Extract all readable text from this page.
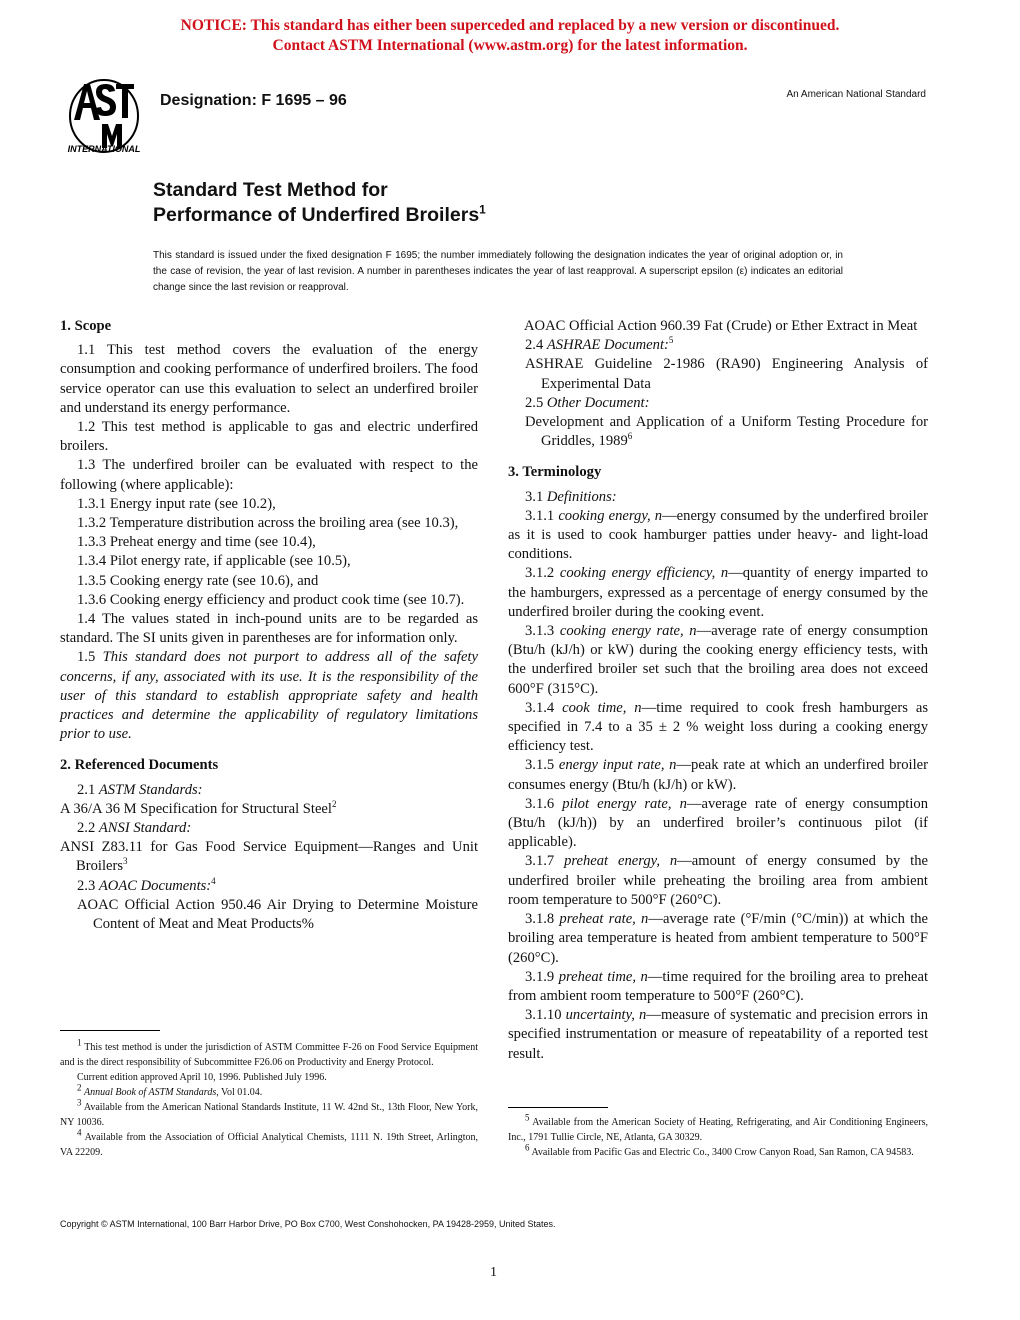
NOTICE: This standard has either been superceded and replaced by a new version or discontinued.
Contact ASTM International (www.astm.org) for the latest information.
INTERNATIONAL
Designation: F 1695 – 96	An American National Standard
Standard Test Method for
Performance of Underfired Broilers$^1$
This standard is issued under the fixed designation F 1695; the number immediately following the designation indicates the year of original adoption or, in the case of revision, the year of last revision. A number in parentheses indicates the year of last reapproval. A superscript epsilon (ε) indicates an editorial change since the last revision or reapproval.

1. Scope

1.1 This test method covers the evaluation of the energy consumption and cooking performance of underfired broilers. The food service operator can use this evaluation to select an underfired broiler and understand its energy performance.

1.2 This test method is applicable to gas and electric underfired broilers.

1.3 The underfired broiler can be evaluated with respect to the following (where applicable):

1.3.1 Energy input rate (see 10.2),

1.3.2 Temperature distribution across the broiling area (see 10.3),

1.3.3 Preheat energy and time (see 10.4),

1.3.4 Pilot energy rate, if applicable (see 10.5),

1.3.5 Cooking energy rate (see 10.6), and

1.3.6 Cooking energy efficiency and product cook time (see 10.7).

1.4 The values stated in inch-pound units are to be regarded as standard. The SI units given in parentheses are for information only.

1.5 This standard does not purport to address all of the safety concerns, if any, associated with its use. It is the responsibility of the user of this standard to establish appropriate safety and health practices and determine the applicability of regulatory limitations prior to use.

2. Referenced Documents

2.1 ASTM Standards:

A 36/A 36 M Specification for Structural Steel$^2$

2.2 ANSI Standard:

ANSI Z83.11 for Gas Food Service Equipment—Ranges and Unit Broilers$^3$

2.3 AOAC Documents:$^4$

AOAC Official Action 950.46 Air Drying to Determine Moisture Content of Meat and Meat Products%

$^1$ This test method is under the jurisdiction of ASTM Committee F-26 on Food Service Equipment and is the direct responsibility of Subcommittee F26.06 on Productivity and Energy Protocol.

Current edition approved April 10, 1996. Published July 1996.

$^2$ Annual Book of ASTM Standards, Vol 01.04.

$^3$ Available from the American National Standards Institute, 11 W. 42nd St., 13th Floor, New York, NY 10036.

$^4$ Available from the Association of Official Analytical Chemists, 1111 N. 19th Street, Arlington, VA 22209.

AOAC Official Action 960.39 Fat (Crude) or Ether Extract in Meat

2.4 ASHRAE Document:$^5$

ASHRAE Guideline 2-1986 (RA90) Engineering Analysis of Experimental Data

2.5 Other Document:

Development and Application of a Uniform Testing Procedure for Griddles, 1989$^6$

3. Terminology

3.1 Definitions:

3.1.1 cooking energy, n—energy consumed by the underfired broiler as it is used to cook hamburger patties under heavy- and light-load conditions.

3.1.2 cooking energy efficiency, n—quantity of energy imparted to the hamburgers, expressed as a percentage of energy consumed by the underfired broiler during the cooking event.

3.1.3 cooking energy rate, n—average rate of energy consumption (Btu/h (kJ/h) or kW) during the cooking energy efficiency tests, with the underfired broiler set such that the broiling area does not exceed 600°F (315°C).

3.1.4 cook time, n—time required to cook fresh hamburgers as specified in 7.4 to a 35 ± 2 % weight loss during a cooking energy efficiency test.

3.1.5 energy input rate, n—peak rate at which an underfired broiler consumes energy (Btu/h (kJ/h) or kW).

3.1.6 pilot energy rate, n—average rate of energy consumption (Btu/h (kJ/h)) by an underfired broiler’s continuous pilot (if applicable).

3.1.7 preheat energy, n—amount of energy consumed by the underfired broiler while preheating the broiling area from ambient room temperature to 500°F (260°C).

3.1.8 preheat rate, n—average rate (°F/min (°C/min)) at which the broiling area temperature is heated from ambient temperature to 500°F (260°C).

3.1.9 preheat time, n—time required for the broiling area to preheat from ambient room temperature to 500°F (260°C).

3.1.10 uncertainty, n—measure of systematic and precision errors in specified instrumentation or measure of repeatability of a reported test result.

$^5$ Available from the American Society of Heating, Refrigerating, and Air Conditioning Engineers, Inc., 1791 Tullie Circle, NE, Atlanta, GA 30329.

$^6$ Available from Pacific Gas and Electric Co., 3400 Crow Canyon Road, San Ramon, CA 94583.

Copyright © ASTM International, 100 Barr Harbor Drive, PO Box C700, West Conshohocken, PA 19428-2959, United States.
1
